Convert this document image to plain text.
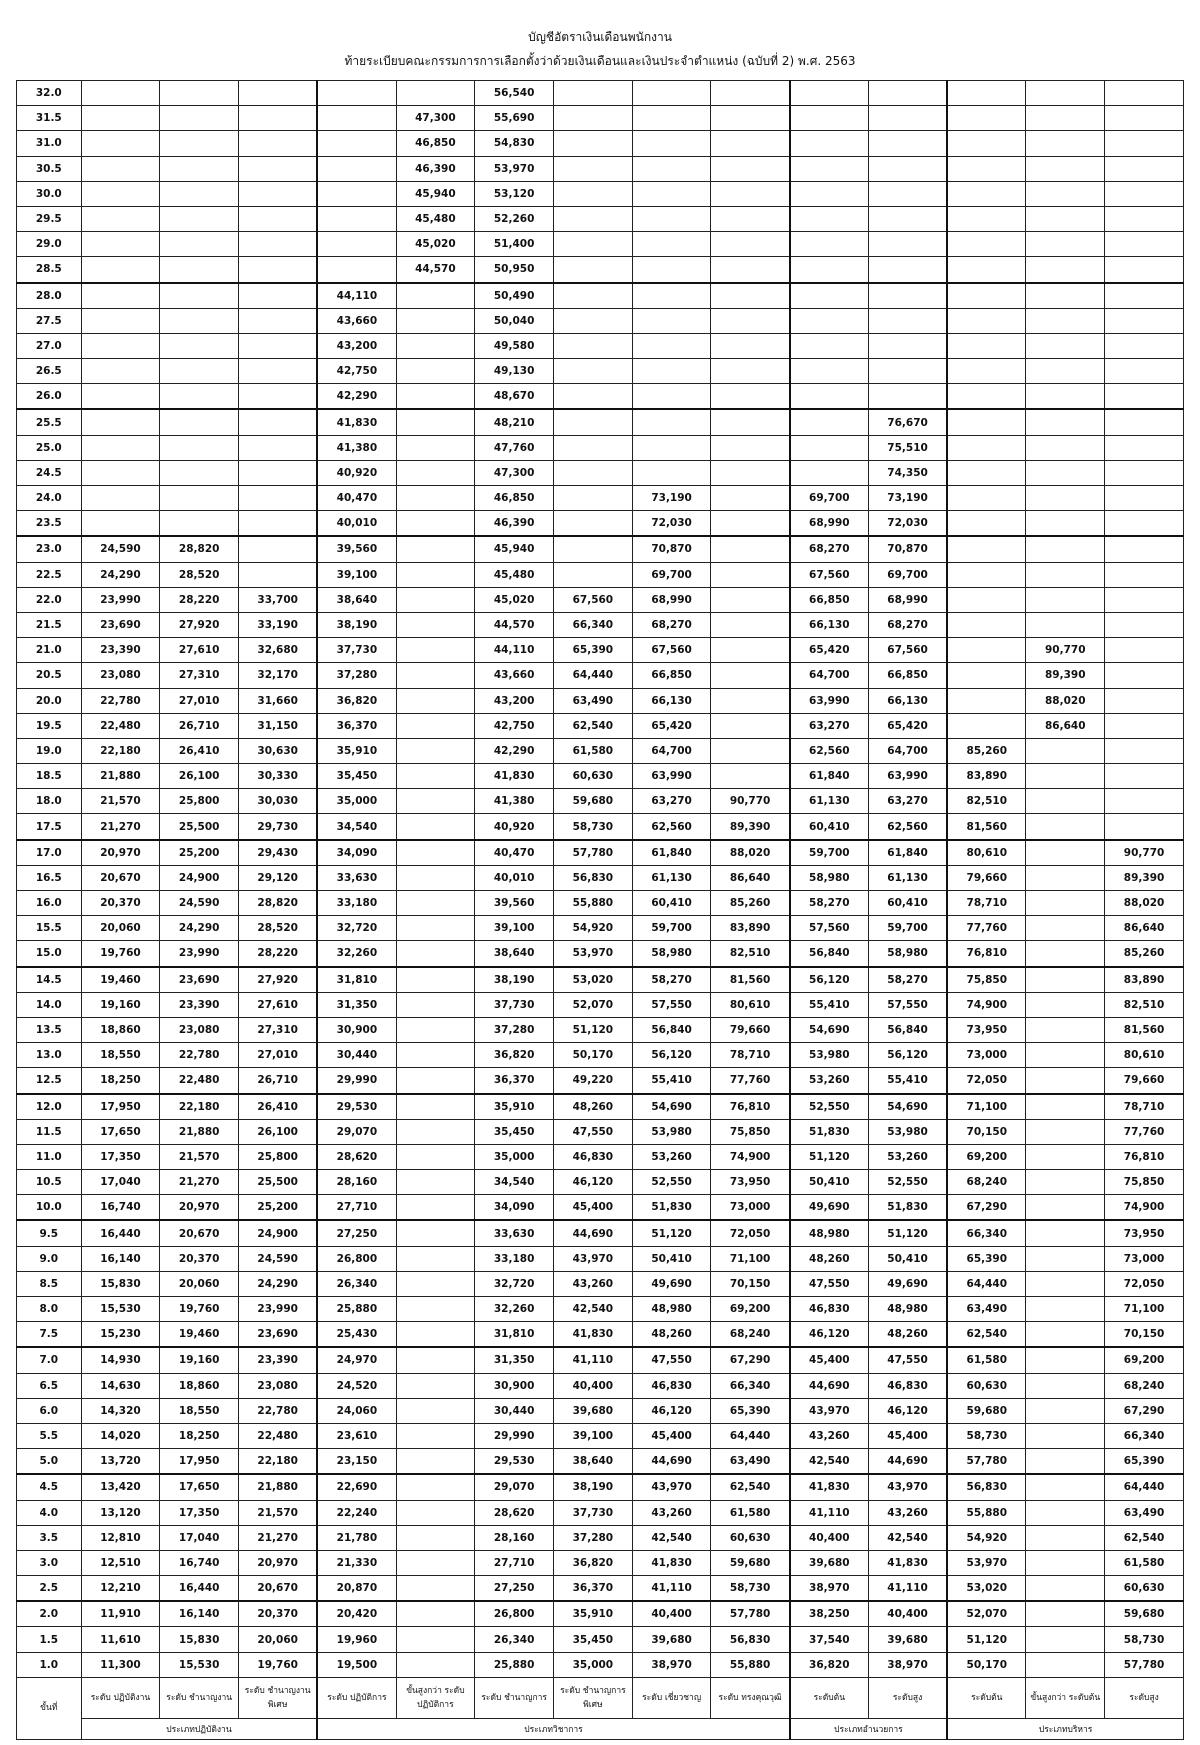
บัญชีอัตราเงินเดือนพนักงาน
ท้ายระเบียบคณะกรรมการการเลือกตั้งว่าด้วยเงินเดือนและเงินประจำตำแหน่ง (ฉบับที่ 2) พ.ศ. 2563
32.0						56,540								
31.5					47,300	55,690								
31.0					46,850	54,830								
30.5					46,390	53,970								
30.0					45,940	53,120								
29.5					45,480	52,260								
29.0					45,020	51,400								
28.5					44,570	50,950								
28.0				44,110		50,490								
27.5				43,660		50,040								
27.0				43,200		49,580								
26.5				42,750		49,130								
26.0				42,290		48,670								
25.5				41,830		48,210					76,670			
25.0				41,380		47,760					75,510			
24.5				40,920		47,300					74,350			
24.0				40,470		46,850		73,190		69,700	73,190			
23.5				40,010		46,390		72,030		68,990	72,030			
23.0	24,590	28,820		39,560		45,940		70,870		68,270	70,870			
22.5	24,290	28,520		39,100		45,480		69,700		67,560	69,700			
22.0	23,990	28,220	33,700	38,640		45,020	67,560	68,990		66,850	68,990			
21.5	23,690	27,920	33,190	38,190		44,570	66,340	68,270		66,130	68,270			
21.0	23,390	27,610	32,680	37,730		44,110	65,390	67,560		65,420	67,560		90,770	
20.5	23,080	27,310	32,170	37,280		43,660	64,440	66,850		64,700	66,850		89,390	
20.0	22,780	27,010	31,660	36,820		43,200	63,490	66,130		63,990	66,130		88,020	
19.5	22,480	26,710	31,150	36,370		42,750	62,540	65,420		63,270	65,420		86,640	
19.0	22,180	26,410	30,630	35,910		42,290	61,580	64,700		62,560	64,700	85,260		
18.5	21,880	26,100	30,330	35,450		41,830	60,630	63,990		61,840	63,990	83,890		
18.0	21,570	25,800	30,030	35,000		41,380	59,680	63,270	90,770	61,130	63,270	82,510		
17.5	21,270	25,500	29,730	34,540		40,920	58,730	62,560	89,390	60,410	62,560	81,560		
17.0	20,970	25,200	29,430	34,090		40,470	57,780	61,840	88,020	59,700	61,840	80,610		90,770
16.5	20,670	24,900	29,120	33,630		40,010	56,830	61,130	86,640	58,980	61,130	79,660		89,390
16.0	20,370	24,590	28,820	33,180		39,560	55,880	60,410	85,260	58,270	60,410	78,710		88,020
15.5	20,060	24,290	28,520	32,720		39,100	54,920	59,700	83,890	57,560	59,700	77,760		86,640
15.0	19,760	23,990	28,220	32,260		38,640	53,970	58,980	82,510	56,840	58,980	76,810		85,260
14.5	19,460	23,690	27,920	31,810		38,190	53,020	58,270	81,560	56,120	58,270	75,850		83,890
14.0	19,160	23,390	27,610	31,350		37,730	52,070	57,550	80,610	55,410	57,550	74,900		82,510
13.5	18,860	23,080	27,310	30,900		37,280	51,120	56,840	79,660	54,690	56,840	73,950		81,560
13.0	18,550	22,780	27,010	30,440		36,820	50,170	56,120	78,710	53,980	56,120	73,000		80,610
12.5	18,250	22,480	26,710	29,990		36,370	49,220	55,410	77,760	53,260	55,410	72,050		79,660
12.0	17,950	22,180	26,410	29,530		35,910	48,260	54,690	76,810	52,550	54,690	71,100		78,710
11.5	17,650	21,880	26,100	29,070		35,450	47,550	53,980	75,850	51,830	53,980	70,150		77,760
11.0	17,350	21,570	25,800	28,620		35,000	46,830	53,260	74,900	51,120	53,260	69,200		76,810
10.5	17,040	21,270	25,500	28,160		34,540	46,120	52,550	73,950	50,410	52,550	68,240		75,850
10.0	16,740	20,970	25,200	27,710		34,090	45,400	51,830	73,000	49,690	51,830	67,290		74,900
9.5	16,440	20,670	24,900	27,250		33,630	44,690	51,120	72,050	48,980	51,120	66,340		73,950
9.0	16,140	20,370	24,590	26,800		33,180	43,970	50,410	71,100	48,260	50,410	65,390		73,000
8.5	15,830	20,060	24,290	26,340		32,720	43,260	49,690	70,150	47,550	49,690	64,440		72,050
8.0	15,530	19,760	23,990	25,880		32,260	42,540	48,980	69,200	46,830	48,980	63,490		71,100
7.5	15,230	19,460	23,690	25,430		31,810	41,830	48,260	68,240	46,120	48,260	62,540		70,150
7.0	14,930	19,160	23,390	24,970		31,350	41,110	47,550	67,290	45,400	47,550	61,580		69,200
6.5	14,630	18,860	23,080	24,520		30,900	40,400	46,830	66,340	44,690	46,830	60,630		68,240
6.0	14,320	18,550	22,780	24,060		30,440	39,680	46,120	65,390	43,970	46,120	59,680		67,290
5.5	14,020	18,250	22,480	23,610		29,990	39,100	45,400	64,440	43,260	45,400	58,730		66,340
5.0	13,720	17,950	22,180	23,150		29,530	38,640	44,690	63,490	42,540	44,690	57,780		65,390
4.5	13,420	17,650	21,880	22,690		29,070	38,190	43,970	62,540	41,830	43,970	56,830		64,440
4.0	13,120	17,350	21,570	22,240		28,620	37,730	43,260	61,580	41,110	43,260	55,880		63,490
3.5	12,810	17,040	21,270	21,780		28,160	37,280	42,540	60,630	40,400	42,540	54,920		62,540
3.0	12,510	16,740	20,970	21,330		27,710	36,820	41,830	59,680	39,680	41,830	53,970		61,580
2.5	12,210	16,440	20,670	20,870		27,250	36,370	41,110	58,730	38,970	41,110	53,020		60,630
2.0	11,910	16,140	20,370	20,420		26,800	35,910	40,400	57,780	38,250	40,400	52,070		59,680
1.5	11,610	15,830	20,060	19,960		26,340	35,450	39,680	56,830	37,540	39,680	51,120		58,730
1.0	11,300	15,530	19,760	19,500		25,880	35,000	38,970	55,880	36,820	38,970	50,170		57,780
ขั้นที่	ระดับ ปฏิบัติงาน	ระดับ ชำนาญงาน	ระดับ ชำนาญงานพิเศษ	ระดับ ปฏิบัติการ	ขั้นสูงกว่า ระดับปฏิบัติการ	ระดับ ชำนาญการ	ระดับ ชำนาญการพิเศษ	ระดับ เชี่ยวชาญ	ระดับ ทรงคุณวุฒิ	ระดับต้น	ระดับสูง	ระดับต้น	ขั้นสูงกว่า ระดับต้น	ระดับสูง
	ประเภทปฏิบัติงาน			ประเภทวิชาการ						ประเภทอำนวยการ		ประเภทบริหาร		
